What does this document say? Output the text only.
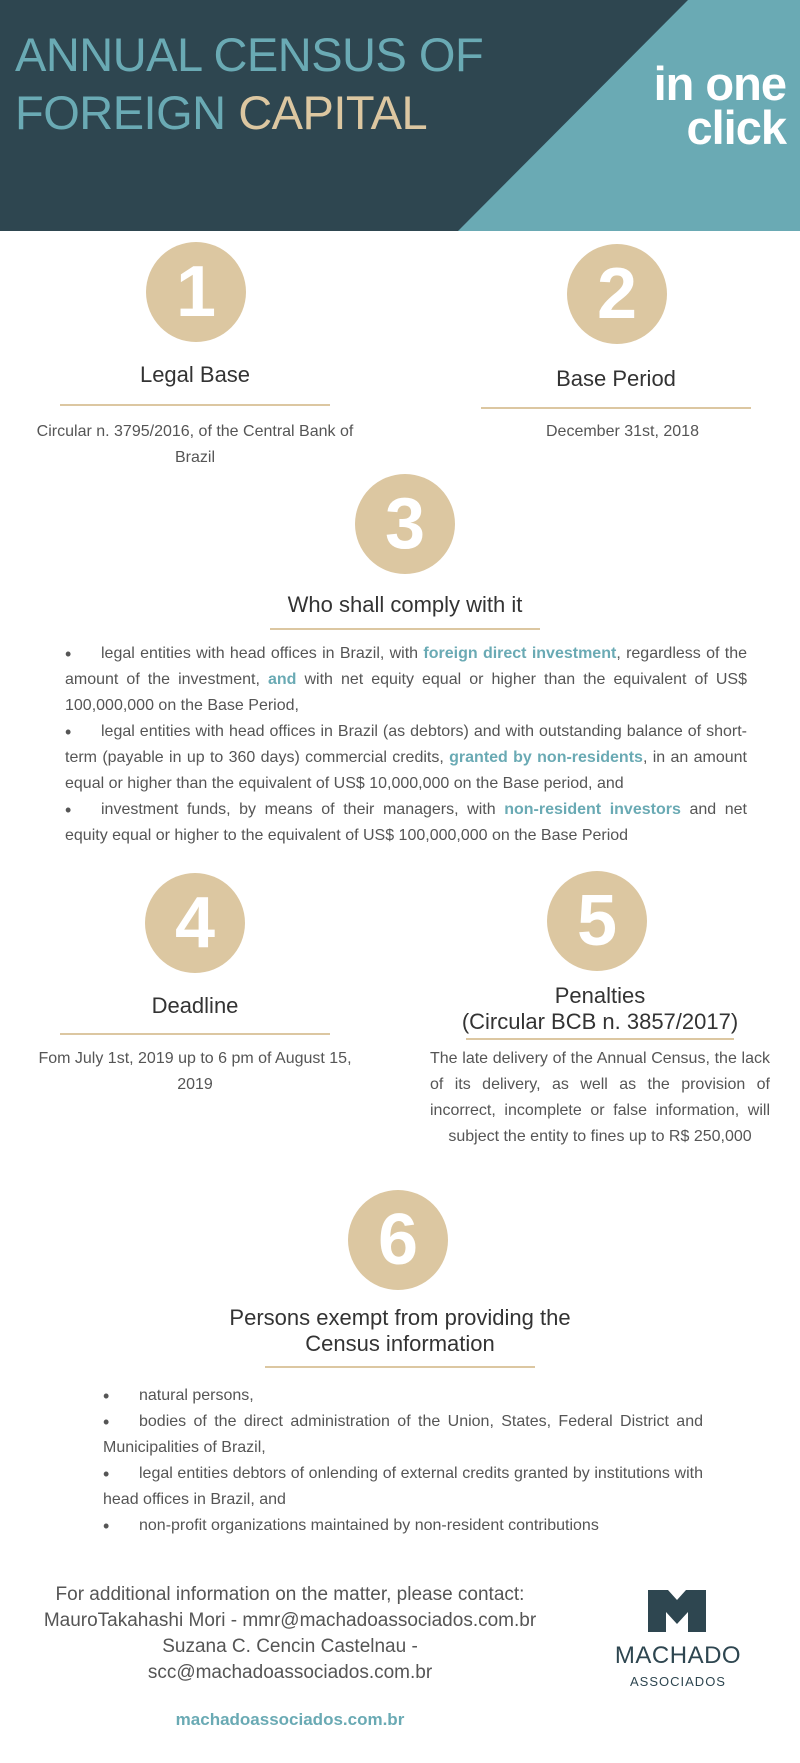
ANNUAL CENSUS OF
FOREIGN CAPITAL
in one
click
1
Legal Base
Circular n. 3795/2016, of the Central Bank of Brazil
2
Base Period
December 31st, 2018
3
Who shall comply with it
• legal entities with head offices in Brazil, with foreign direct investment, regardless of the amount of the investment, and with net equity equal or higher than the equivalent of US$ 100,000,000 on the Base Period,
• legal entities with head offices in Brazil (as debtors) and with outstanding balance of short-term (payable in up to 360 days) commercial credits, granted by non-residents, in an amount equal or higher than the equivalent of US$ 10,000,000 on the Base period, and
• investment funds, by means of their managers, with non-resident investors and net equity equal or higher to the equivalent of US$ 100,000,000 on the Base Period
4
Deadline
Fom July 1st, 2019 up to 6 pm of August 15, 2019
5
Penalties
(Circular BCB n. 3857/2017)
The late delivery of the Annual Census, the lack of its delivery, as well as the provision of incorrect, incomplete or false information, will subject the entity to fines up to R$ 250,000
6
Persons exempt from providing the
Census information
• natural persons,
• bodies of the direct administration of the Union, States, Federal District and Municipalities of Brazil,
• legal entities debtors of onlending of external credits granted by institutions with head offices in Brazil, and
• non-profit organizations maintained by non-resident contributions
For additional information on the matter, please contact:
MauroTakahashi Mori - mmr@machadoassociados.com.br
Suzana C. Cencin Castelnau - scc@machadoassociados.com.br
MACHADO
ASSOCIADOS
machadoassociados.com.br
